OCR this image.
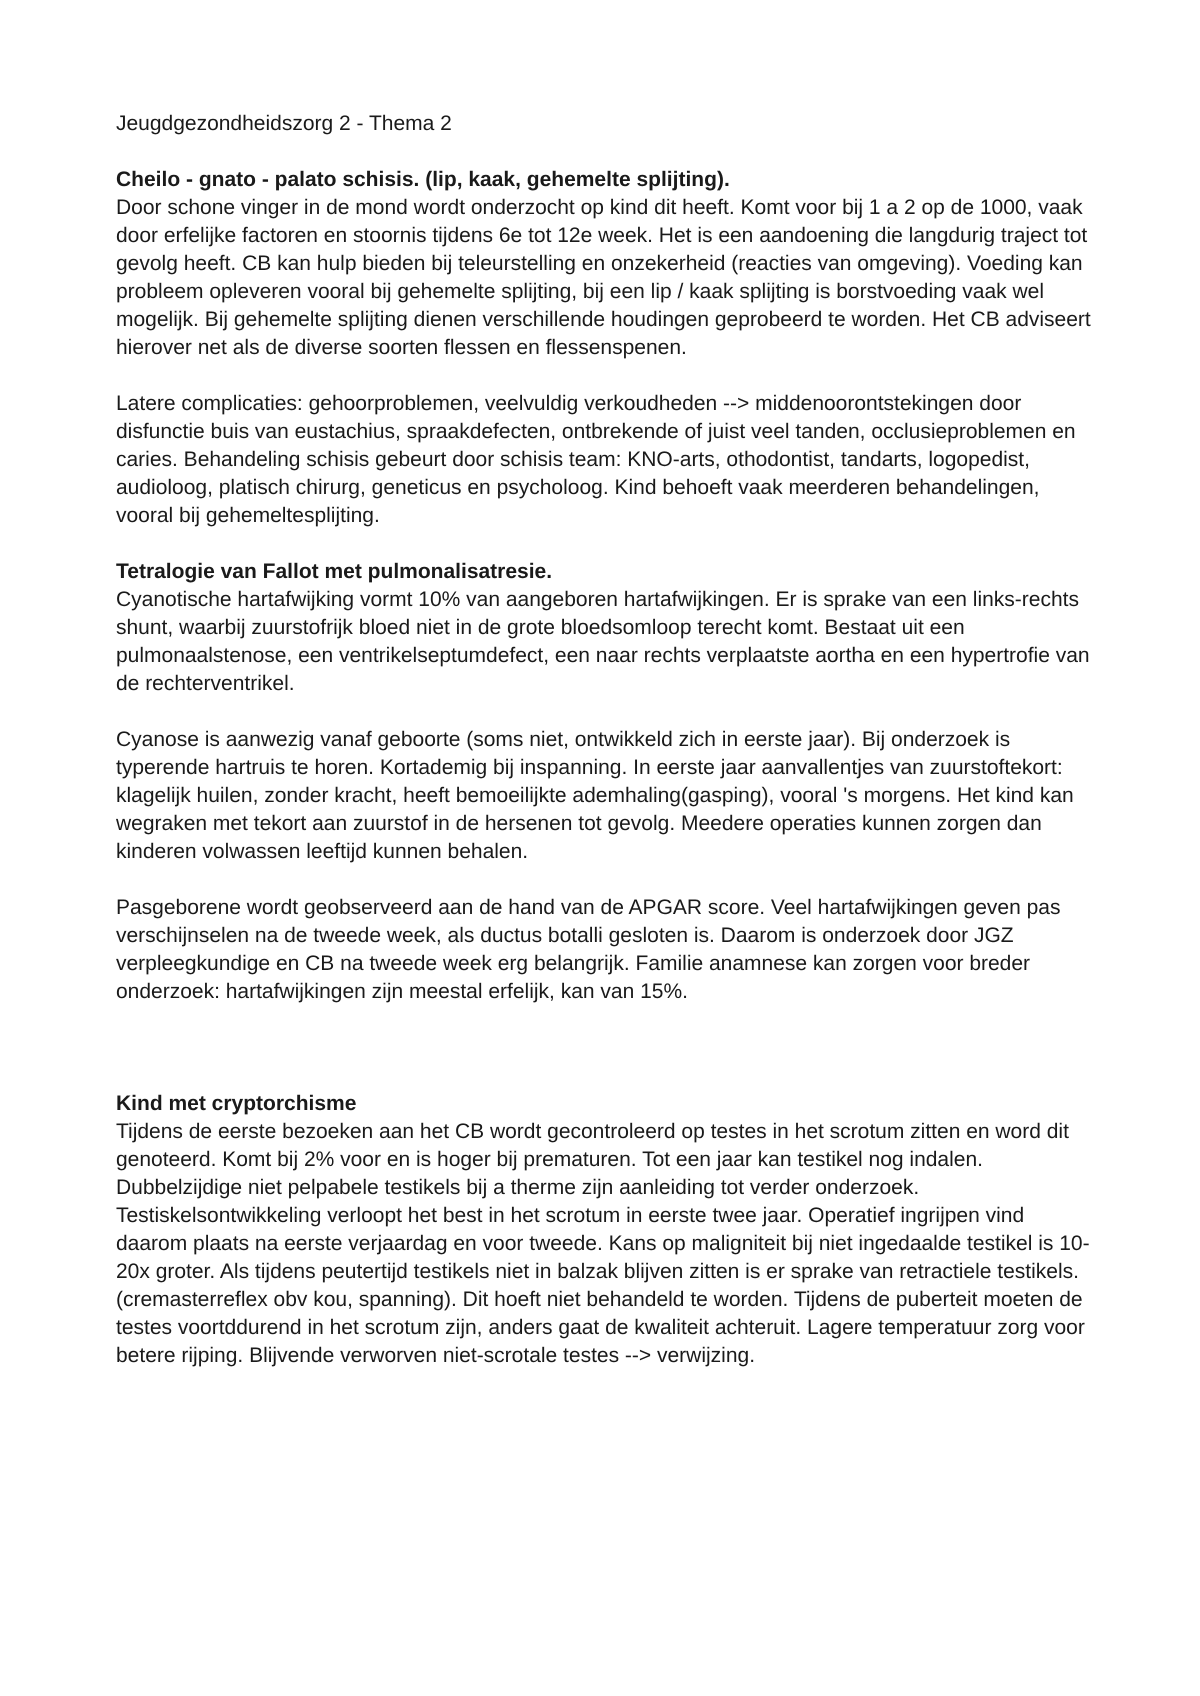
Jeugdgezondheidszorg 2 - Thema 2

Cheilo - gnato - palato schisis. (lip, kaak, gehemelte splijting).

Door schone vinger in de mond wordt onderzocht op kind dit heeft. Komt voor bij 1 a 2 op de 1000, vaak door erfelijke factoren en stoornis tijdens 6e tot 12e week. Het is een aandoening die langdurig traject tot gevolg heeft. CB kan hulp bieden bij teleurstelling en onzekerheid (reacties van omgeving). Voeding kan probleem opleveren vooral bij gehemelte splijting, bij een lip / kaak splijting is borstvoeding vaak wel mogelijk. Bij gehemelte splijting dienen verschillende houdingen geprobeerd te worden. Het CB adviseert hierover net als de diverse soorten flessen en flessenspenen.

Latere complicaties: gehoorproblemen, veelvuldig verkoudheden --> middenoorontstekingen door disfunctie buis van eustachius, spraakdefecten, ontbrekende of juist veel tanden, occlusieproblemen en caries. Behandeling schisis gebeurt door schisis team: KNO-arts, othodontist, tandarts, logopedist, audioloog, platisch chirurg, geneticus en psycholoog. Kind behoeft vaak meerderen behandelingen, vooral bij gehemeltesplijting.

Tetralogie van Fallot met pulmonalisatresie.

Cyanotische hartafwijking vormt 10% van aangeboren hartafwijkingen. Er is sprake van een links-rechts shunt, waarbij zuurstofrijk bloed niet in de grote bloedsomloop terecht komt. Bestaat uit een pulmonaalstenose, een ventrikelseptumdefect, een naar rechts verplaatste aortha en een hypertrofie van de rechterventrikel.

Cyanose is aanwezig vanaf geboorte (soms niet, ontwikkeld zich in eerste jaar). Bij onderzoek is typerende hartruis te horen. Kortademig bij inspanning. In eerste jaar aanvallentjes van zuurstoftekort: klagelijk huilen, zonder kracht, heeft bemoeilijkte ademhaling(gasping), vooral 's morgens. Het kind kan wegraken met tekort aan zuurstof in de hersenen tot gevolg. Meedere operaties kunnen zorgen dan kinderen volwassen leeftijd kunnen behalen.

Pasgeborene wordt geobserveerd aan de hand van de APGAR score. Veel hartafwijkingen geven pas verschijnselen na de tweede week, als ductus botalli gesloten is. Daarom is onderzoek door JGZ verpleegkundige en CB na tweede week erg belangrijk. Familie anamnese kan zorgen voor breder onderzoek: hartafwijkingen zijn meestal erfelijk, kan van 15%.

Kind met cryptorchisme

Tijdens de eerste bezoeken aan het CB wordt gecontroleerd op testes in het scrotum zitten en word dit genoteerd. Komt bij 2% voor en is hoger bij prematuren. Tot een jaar kan testikel nog indalen. Dubbelzijdige niet pelpabele testikels bij a therme zijn aanleiding tot verder onderzoek. Testiskelsontwikkeling verloopt het best in het scrotum in eerste twee jaar. Operatief ingrijpen vind daarom plaats na eerste verjaardag en voor tweede. Kans op maligniteit bij niet ingedaalde testikel is 10-20x groter. Als tijdens peutertijd testikels niet in balzak blijven zitten is er sprake van retractiele testikels. (cremasterreflex obv kou, spanning). Dit hoeft niet behandeld te worden. Tijdens de puberteit moeten de testes voortddurend in het scrotum zijn, anders gaat de kwaliteit achteruit. Lagere temperatuur zorg voor betere rijping. Blijvende verworven niet-scrotale testes --> verwijzing.
